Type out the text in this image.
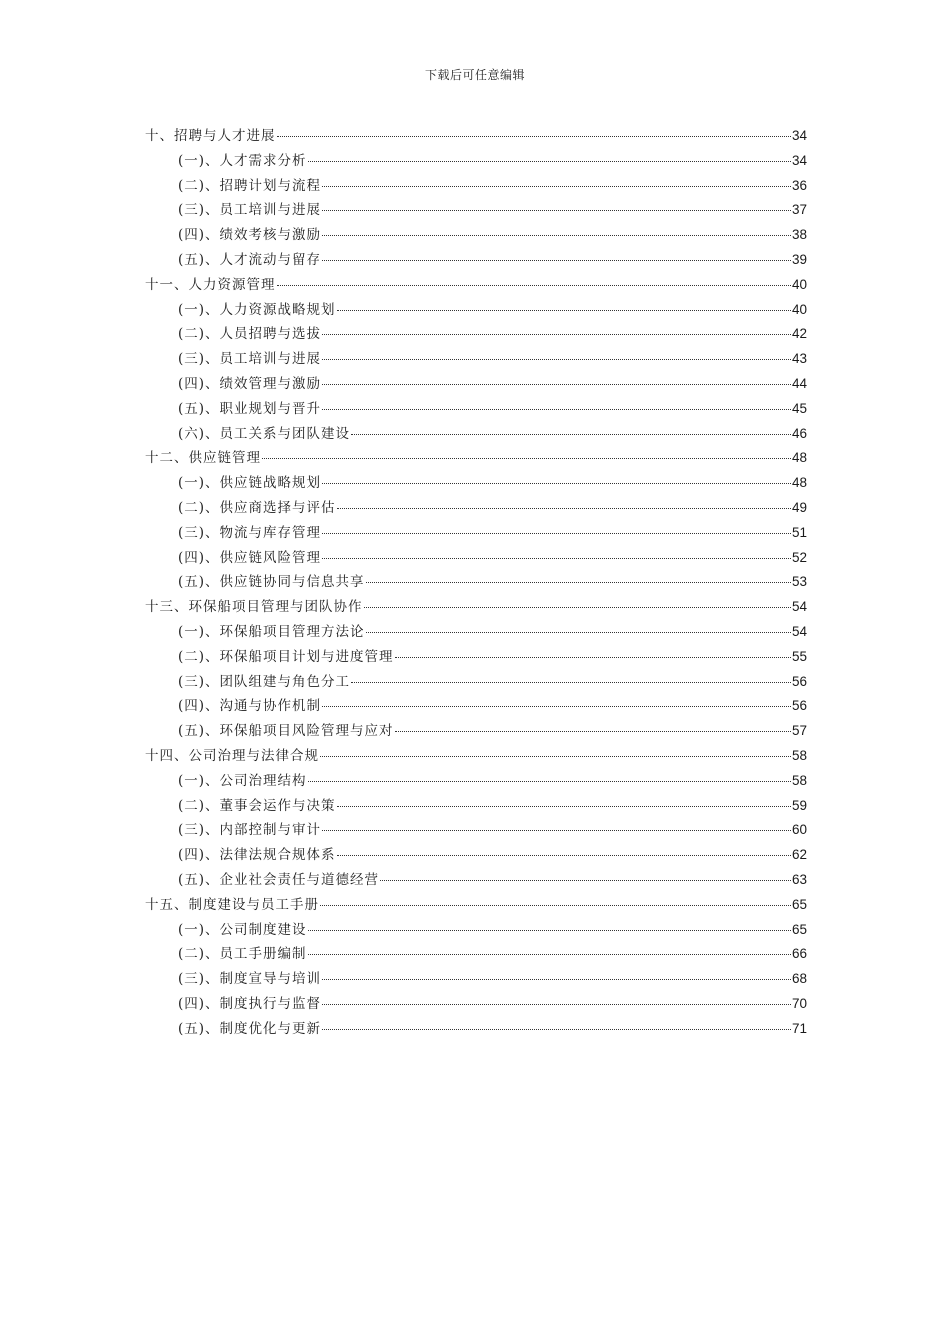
下载后可任意编辑
十、招聘与人才进展	34
(一)、人才需求分析	34
(二)、招聘计划与流程	36
(三)、员工培训与进展	37
(四)、绩效考核与激励	38
(五)、人才流动与留存	39
十一、人力资源管理	40
(一)、人力资源战略规划	40
(二)、人员招聘与选拔	42
(三)、员工培训与进展	43
(四)、绩效管理与激励	44
(五)、职业规划与晋升	45
(六)、员工关系与团队建设	46
十二、供应链管理	48
(一)、供应链战略规划	48
(二)、供应商选择与评估	49
(三)、物流与库存管理	51
(四)、供应链风险管理	52
(五)、供应链协同与信息共享	53
十三、环保船项目管理与团队协作	54
(一)、环保船项目管理方法论	54
(二)、环保船项目计划与进度管理	55
(三)、团队组建与角色分工	56
(四)、沟通与协作机制	56
(五)、环保船项目风险管理与应对	57
十四、公司治理与法律合规	58
(一)、公司治理结构	58
(二)、董事会运作与决策	59
(三)、内部控制与审计	60
(四)、法律法规合规体系	62
(五)、企业社会责任与道德经营	63
十五、制度建设与员工手册	65
(一)、公司制度建设	65
(二)、员工手册编制	66
(三)、制度宣导与培训	68
(四)、制度执行与监督	70
(五)、制度优化与更新	71
